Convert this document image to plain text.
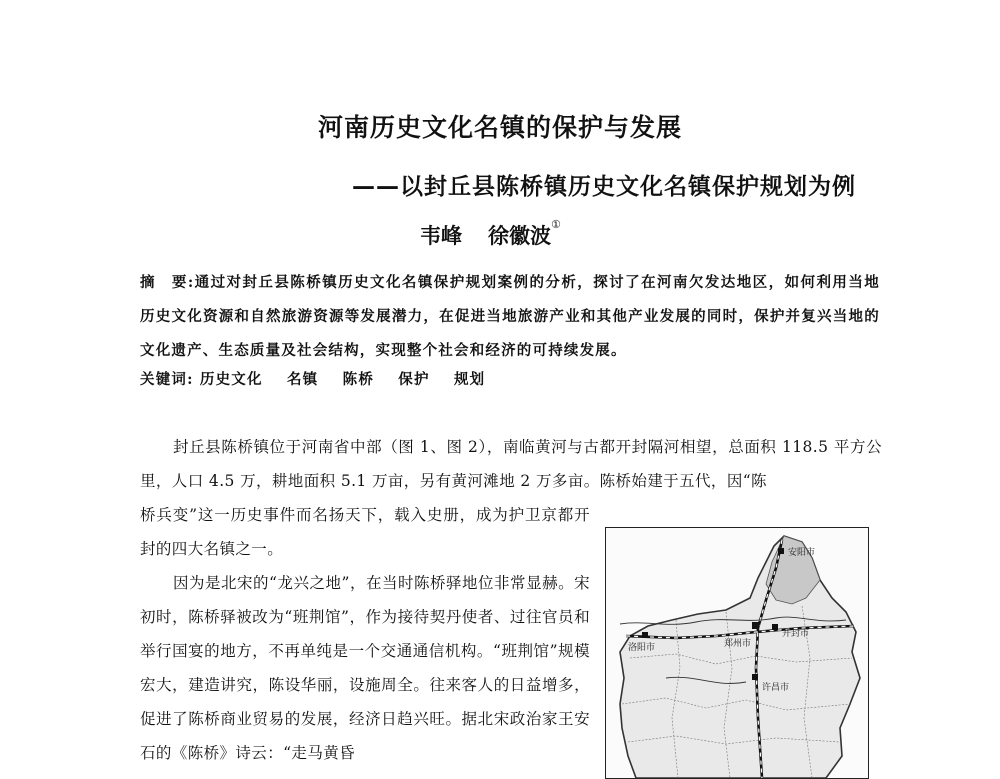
河南历史文化名镇的保护与发展
——以封丘县陈桥镇历史文化名镇保护规划为例
韦峰 徐徽波①
摘　要:通过对封丘县陈桥镇历史文化名镇保护规划案例的分析，探讨了在河南欠发达地区，如何利用当地历史文化资源和自然旅游资源等发展潜力，在促进当地旅游产业和其他产业发展的同时，保护并复兴当地的文化遗产、生态质量及社会结构，实现整个社会和经济的可持续发展。
关键词: 历史文化 名镇 陈桥 保护 规划
封丘县陈桥镇位于河南省中部（图 1、图 2），南临黄河与古都开封隔河相望，总面积 118.5 平方公里，人口 4.5 万，耕地面积 5.1 万亩，另有黄河滩地 2 万多亩。陈桥始建于五代，因“陈
桥兵变”这一历史事件而名扬天下，载入史册，成为护卫京都开封的四大名镇之一。
因为是北宋的“龙兴之地”，在当时陈桥驿地位非常显赫。宋初时，陈桥驿被改为“班荆馆”，作为接待契丹使者、过往官员和举行国宴的地方，不再单纯是一个交通通信机构。“班荆馆”规模宏大，建造讲究，陈设华丽，设施周全。往来客人的日益增多，促进了陈桥商业贸易的发展，经济日趋兴旺。据北宋政治家王安石的《陈桥》诗云：“走马黄昏
安阳市
洛阳市	郑州市
开封市
许昌市
